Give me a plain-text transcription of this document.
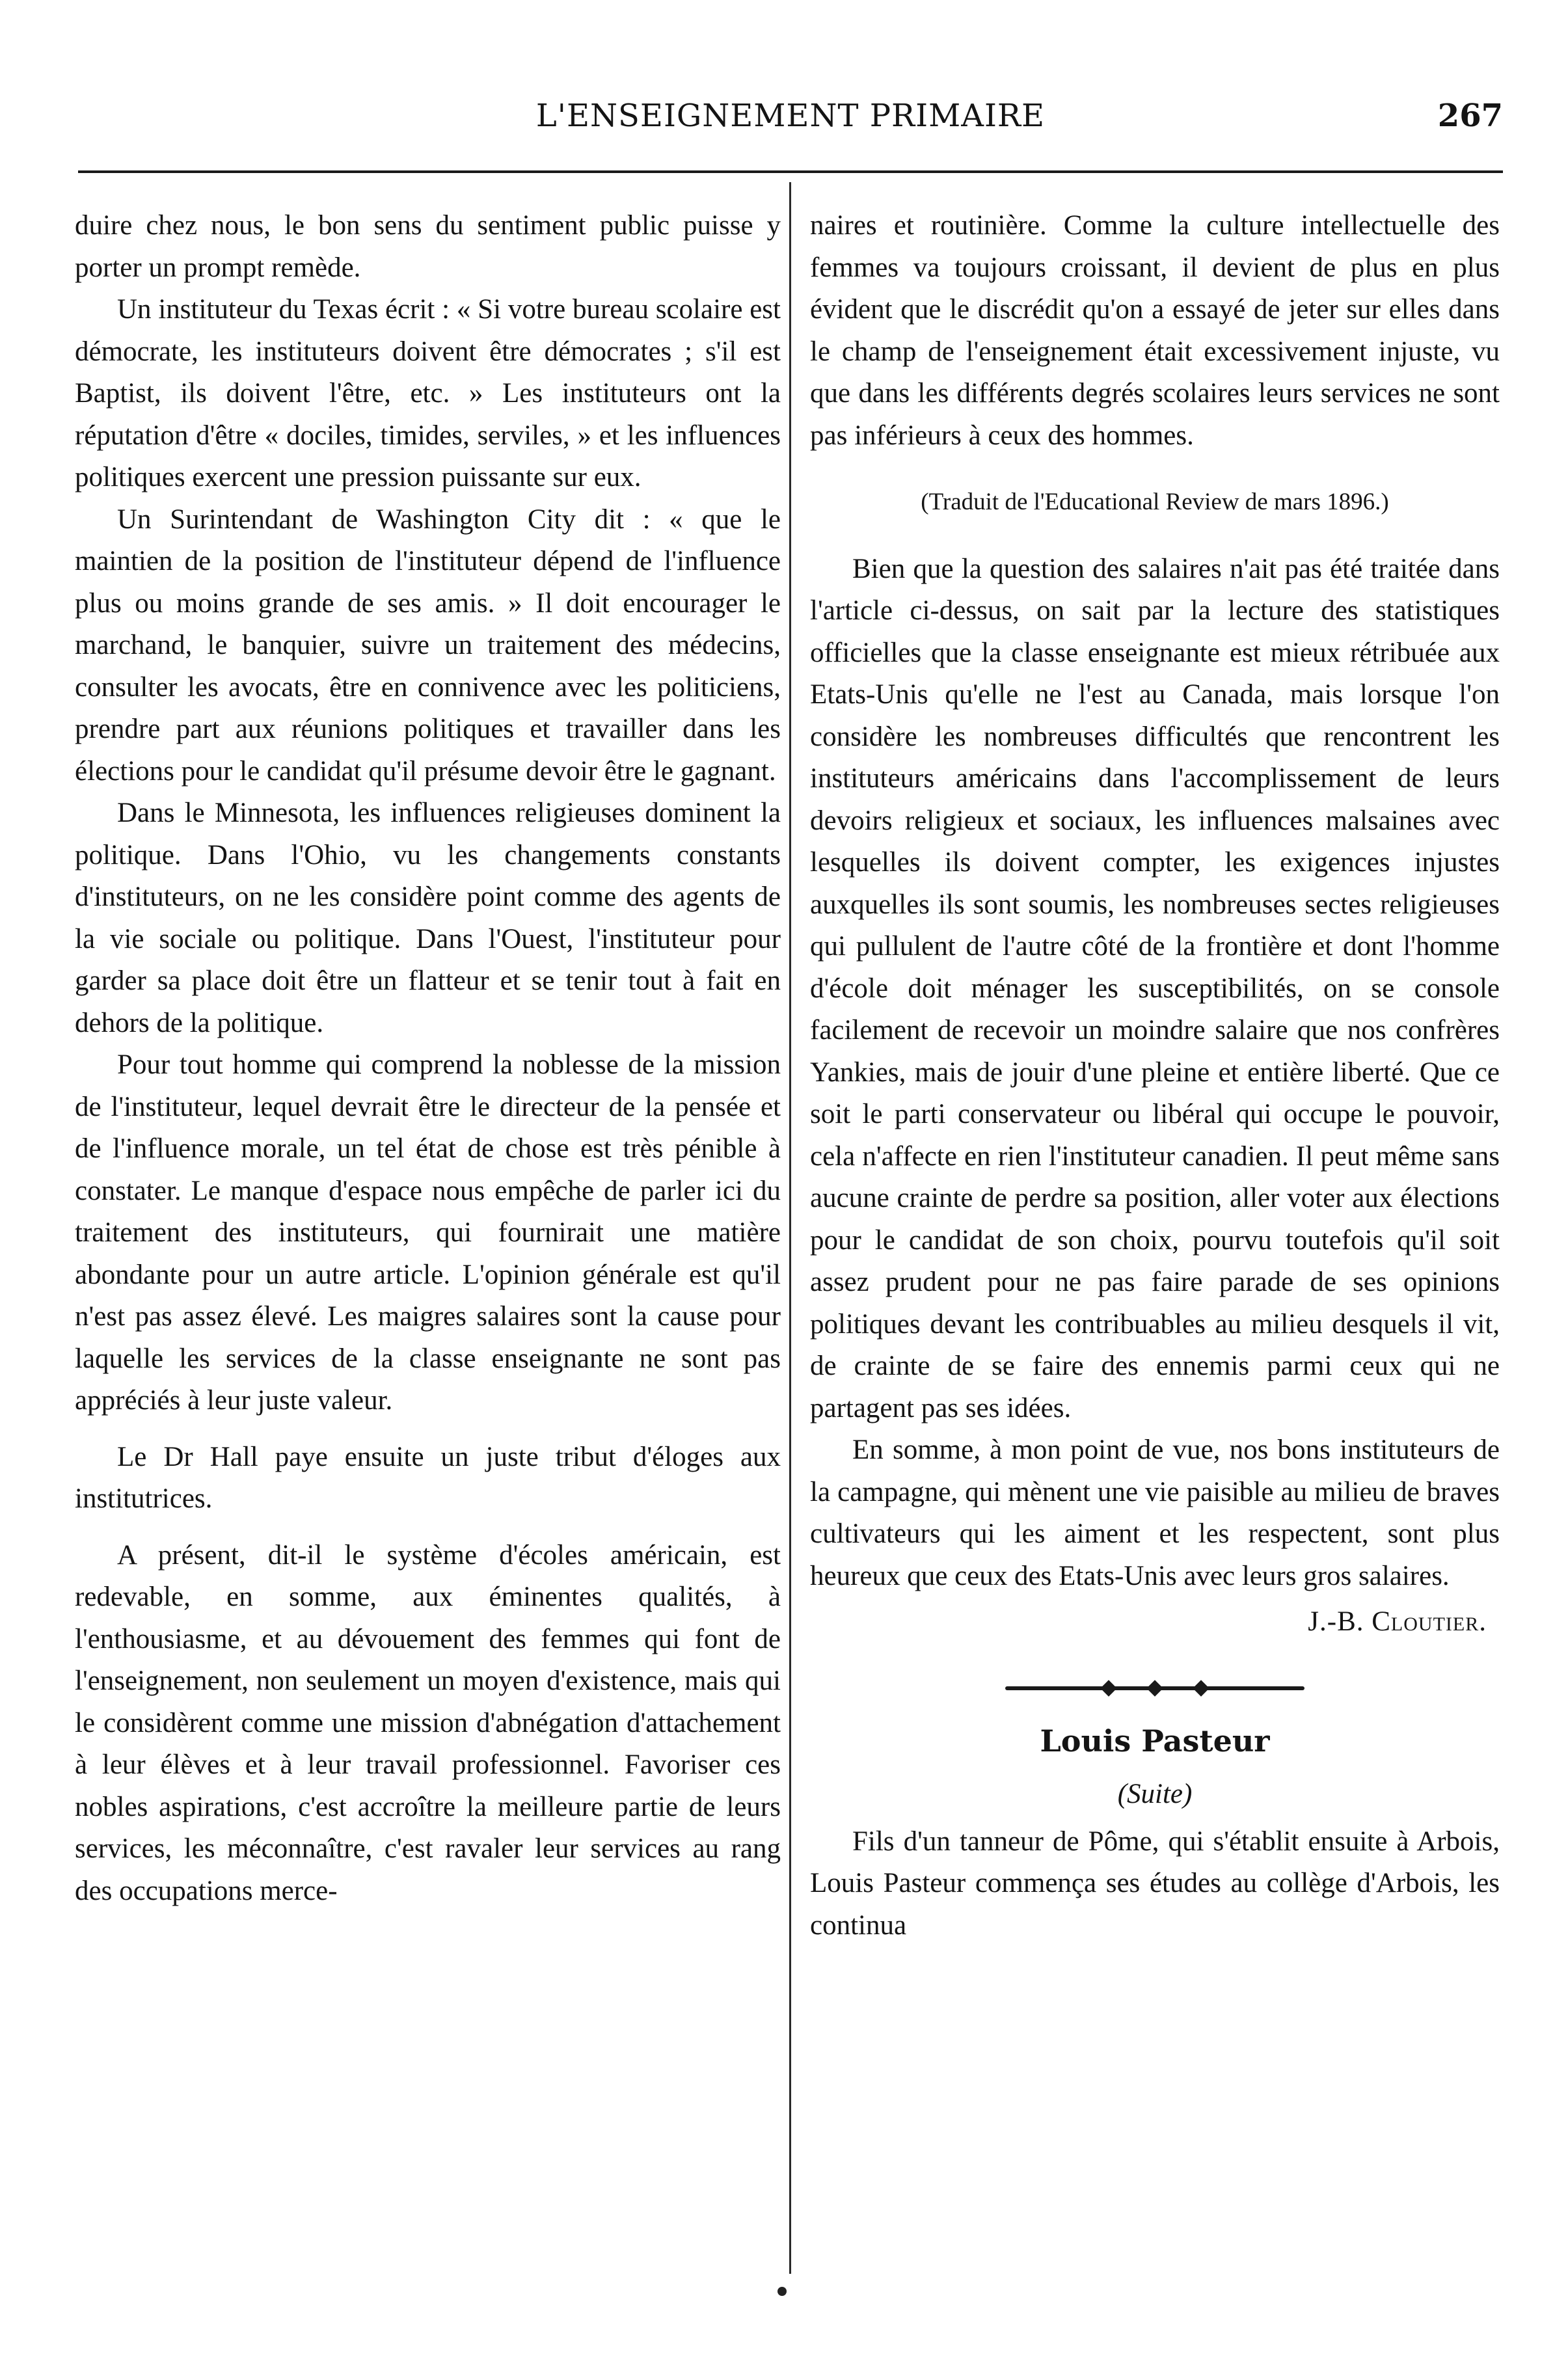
L'ENSEIGNEMENT PRIMAIRE	267

duire chez nous, le bon sens du sentiment public puisse y porter un prompt remède.

Un instituteur du Texas écrit : « Si votre bureau scolaire est démocrate, les instituteurs doivent être démocrates ; s'il est Baptist, ils doivent l'être, etc. » Les instituteurs ont la réputation d'être « dociles, timides, serviles, » et les influences politiques exercent une pression puissante sur eux.

Un Surintendant de Washington City dit : « que le maintien de la position de l'instituteur dépend de l'influence plus ou moins grande de ses amis. » Il doit encourager le marchand, le banquier, suivre un traitement des médecins, consulter les avocats, être en connivence avec les politiciens, prendre part aux réunions politiques et travailler dans les élections pour le candidat qu'il présume devoir être le gagnant.

Dans le Minnesota, les influences religieuses dominent la politique. Dans l'Ohio, vu les changements constants d'instituteurs, on ne les considère point comme des agents de la vie sociale ou politique. Dans l'Ouest, l'instituteur pour garder sa place doit être un flatteur et se tenir tout à fait en dehors de la politique.

Pour tout homme qui comprend la noblesse de la mission de l'instituteur, lequel devrait être le directeur de la pensée et de l'influence morale, un tel état de chose est très pénible à constater. Le manque d'espace nous empêche de parler ici du traitement des instituteurs, qui fournirait une matière abondante pour un autre article. L'opinion générale est qu'il n'est pas assez élevé. Les maigres salaires sont la cause pour laquelle les services de la classe enseignante ne sont pas appréciés à leur juste valeur.

Le Dr Hall paye ensuite un juste tribut d'éloges aux institutrices.

A présent, dit-il le système d'écoles américain, est redevable, en somme, aux éminentes qualités, à l'enthousiasme, et au dévouement des femmes qui font de l'enseignement, non seulement un moyen d'existence, mais qui le considèrent comme une mission d'abnégation d'attachement à leur élèves et à leur travail professionnel. Favoriser ces nobles aspirations, c'est accroître la meilleure partie de leurs services, les méconnaître, c'est ravaler leur services au rang des occupations merce-

naires et routinière. Comme la culture intellectuelle des femmes va toujours croissant, il devient de plus en plus évident que le discrédit qu'on a essayé de jeter sur elles dans le champ de l'enseignement était excessivement injuste, vu que dans les différents degrés scolaires leurs services ne sont pas inférieurs à ceux des hommes.

(Traduit de l'Educational Review de mars 1896.)

Bien que la question des salaires n'ait pas été traitée dans l'article ci-dessus, on sait par la lecture des statistiques officielles que la classe enseignante est mieux rétribuée aux Etats-Unis qu'elle ne l'est au Canada, mais lorsque l'on considère les nombreuses difficultés que rencontrent les instituteurs américains dans l'accomplissement de leurs devoirs religieux et sociaux, les influences malsaines avec lesquelles ils doivent compter, les exigences injustes auxquelles ils sont soumis, les nombreuses sectes religieuses qui pullulent de l'autre côté de la frontière et dont l'homme d'école doit ménager les susceptibilités, on se console facilement de recevoir un moindre salaire que nos confrères Yankies, mais de jouir d'une pleine et entière liberté. Que ce soit le parti conservateur ou libéral qui occupe le pouvoir, cela n'affecte en rien l'instituteur canadien. Il peut même sans aucune crainte de perdre sa position, aller voter aux élections pour le candidat de son choix, pourvu toutefois qu'il soit assez prudent pour ne pas faire parade de ses opinions politiques devant les contribuables au milieu desquels il vit, de crainte de se faire des ennemis parmi ceux qui ne partagent pas ses idées.

En somme, à mon point de vue, nos bons instituteurs de la campagne, qui mènent une vie paisible au milieu de braves cultivateurs qui les aiment et les respectent, sont plus heureux que ceux des Etats-Unis avec leurs gros salaires.

J.-B. Cloutier.

Louis Pasteur

(Suite)

Fils d'un tanneur de Pôme, qui s'établit ensuite à Arbois, Louis Pasteur commença ses études au collège d'Arbois, les continua
